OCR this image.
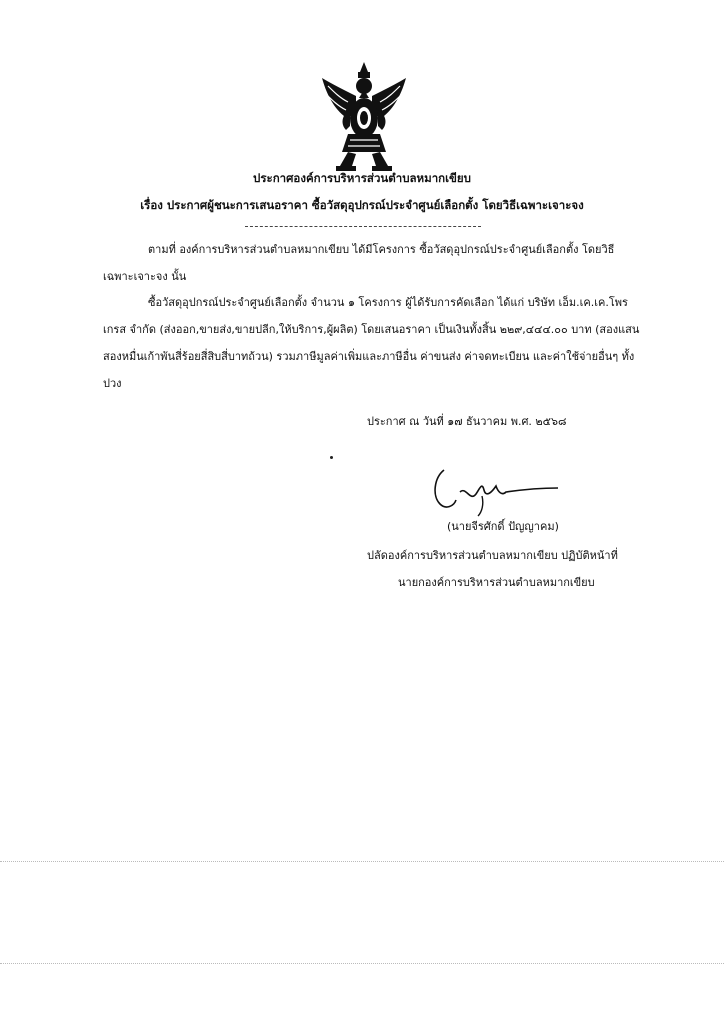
ประกาศองค์การบริหารส่วนตำบลหมากเขียบ
เรื่อง ประกาศผู้ชนะการเสนอราคา ซื้อวัสดุอุปกรณ์ประจำศูนย์เลือกตั้ง โดยวิธีเฉพาะเจาะจง
ตามที่ องค์การบริหารส่วนตำบลหมากเขียบ ได้มีโครงการ ซื้อวัสดุอุปกรณ์ประจำศูนย์เลือกตั้ง โดยวิธี
เฉพาะเจาะจง นั้น
ซื้อวัสดุอุปกรณ์ประจำศูนย์เลือกตั้ง จำนวน ๑ โครงการ ผู้ได้รับการคัดเลือก ได้แก่ บริษัท เอ็ม.เค.เค.โพร
เกรส จำกัด (ส่งออก,ขายส่ง,ขายปลีก,ให้บริการ,ผู้ผลิต) โดยเสนอราคา เป็นเงินทั้งสิ้น ๒๒๙,๔๔๔.๐๐ บาท (สองแสน
สองหมื่นเก้าพันสี่ร้อยสี่สิบสี่บาทถ้วน) รวมภาษีมูลค่าเพิ่มและภาษีอื่น ค่าขนส่ง ค่าจดทะเบียน และค่าใช้จ่ายอื่นๆ ทั้ง
ปวง
ประกาศ ณ วันที่ ๑๗ ธันวาคม พ.ศ. ๒๕๖๘
(นายจีรศักดิ์ ปัญญาคม)
ปลัดองค์การบริหารส่วนตำบลหมากเขียบ ปฏิบัติหน้าที่
นายกองค์การบริหารส่วนตำบลหมากเขียบ
